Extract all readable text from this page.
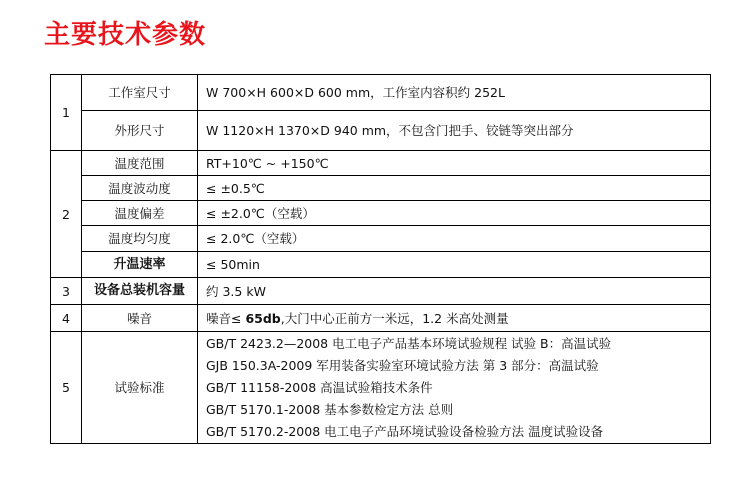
主要技术参数
1	工作室尺寸	W 700×H 600×D 600 mm，工作室内容积约 252L
	外形尺寸	W 1120×H 1370×D 940 mm，不包含门把手、铰链等突出部分
2	温度范围	RT+10℃ ~ +150℃
	温度波动度	≤ ±0.5℃
	温度偏差	≤ ±2.0℃（空载）
	温度均匀度	≤ 2.0℃（空载）
	升温速率	≤ 50min
3	设备总装机容量	约 3.5 kW
4	噪音	噪音≤ 65db,大门中心正前方一米远，1.2 米高处测量
5	试验标准	GB/T 2423.2—2008 电工电子产品基本环境试验规程 试验 B：高温试验
GJB 150.3A-2009 军用装备实验室环境试验方法 第 3 部分：高温试验
GB/T 11158-2008 高温试验箱技术条件
GB/T 5170.1-2008 基本参数检定方法 总则
GB/T 5170.2-2008 电工电子产品环境试验设备检验方法 温度试验设备
